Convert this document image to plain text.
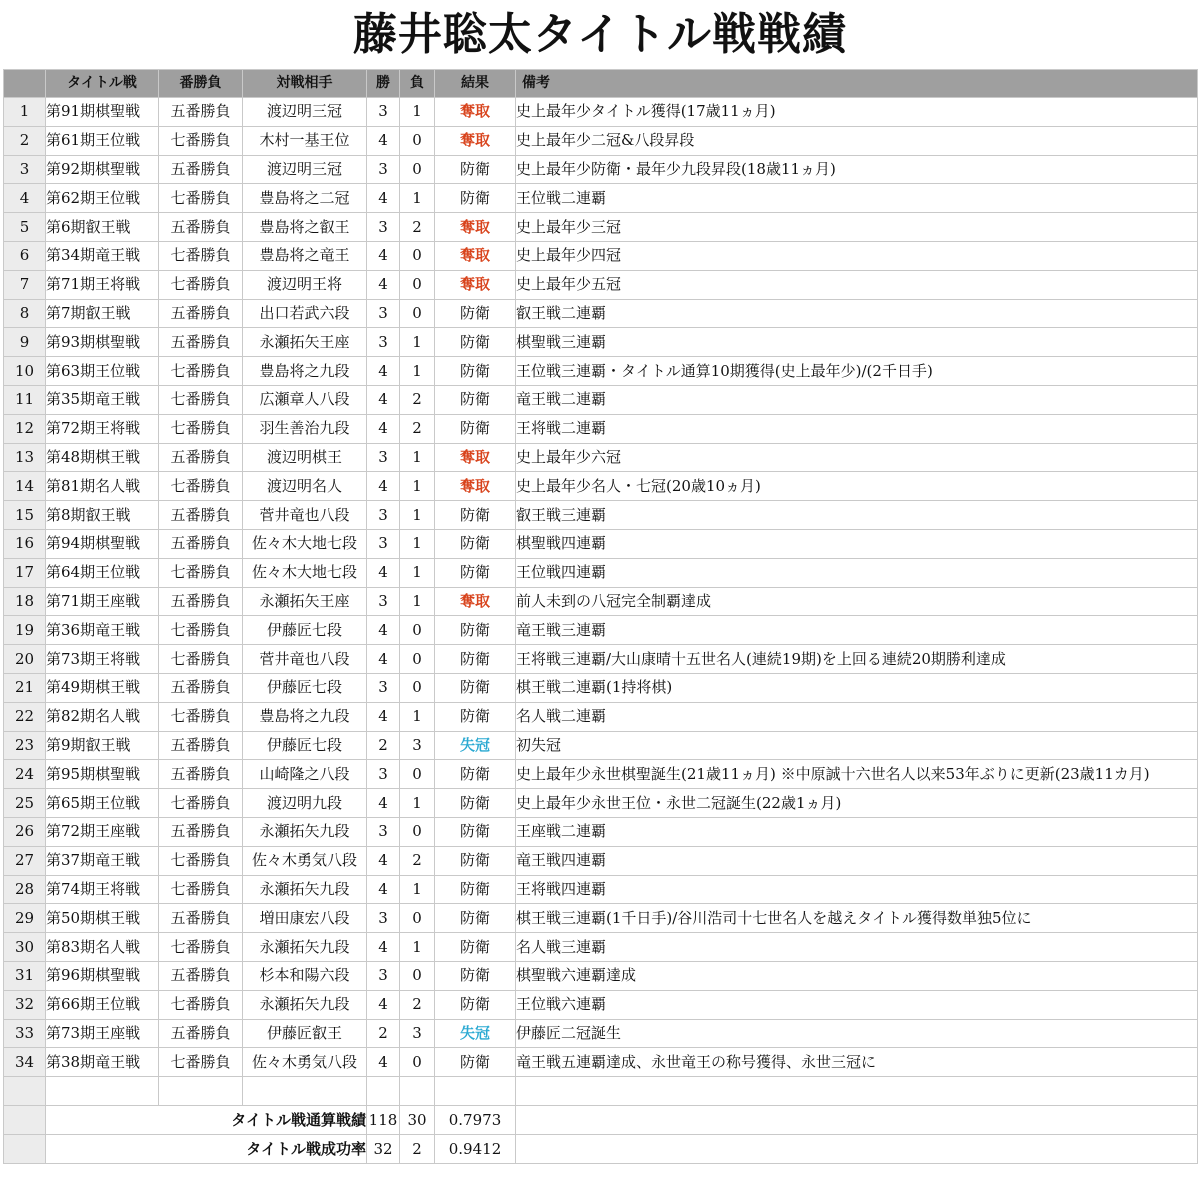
藤井聡太タイトル戦戦績
	タイトル戦	番勝負	対戦相手	勝	負	結果	備考
1	第91期棋聖戦	五番勝負	渡辺明三冠	3	1	奪取	史上最年少タイトル獲得(17歳11ヵ月)
2	第61期王位戦	七番勝負	木村一基王位	4	0	奪取	史上最年少二冠&八段昇段
3	第92期棋聖戦	五番勝負	渡辺明三冠	3	0	防衛	史上最年少防衛・最年少九段昇段(18歳11ヵ月)
4	第62期王位戦	七番勝負	豊島将之二冠	4	1	防衛	王位戦二連覇
5	第6期叡王戦	五番勝負	豊島将之叡王	3	2	奪取	史上最年少三冠
6	第34期竜王戦	七番勝負	豊島将之竜王	4	0	奪取	史上最年少四冠
7	第71期王将戦	七番勝負	渡辺明王将	4	0	奪取	史上最年少五冠
8	第7期叡王戦	五番勝負	出口若武六段	3	0	防衛	叡王戦二連覇
9	第93期棋聖戦	五番勝負	永瀬拓矢王座	3	1	防衛	棋聖戦三連覇
10	第63期王位戦	七番勝負	豊島将之九段	4	1	防衛	王位戦三連覇・タイトル通算10期獲得(史上最年少)/(2千日手)
11	第35期竜王戦	七番勝負	広瀬章人八段	4	2	防衛	竜王戦二連覇
12	第72期王将戦	七番勝負	羽生善治九段	4	2	防衛	王将戦二連覇
13	第48期棋王戦	五番勝負	渡辺明棋王	3	1	奪取	史上最年少六冠
14	第81期名人戦	七番勝負	渡辺明名人	4	1	奪取	史上最年少名人・七冠(20歳10ヵ月)
15	第8期叡王戦	五番勝負	菅井竜也八段	3	1	防衛	叡王戦三連覇
16	第94期棋聖戦	五番勝負	佐々木大地七段	3	1	防衛	棋聖戦四連覇
17	第64期王位戦	七番勝負	佐々木大地七段	4	1	防衛	王位戦四連覇
18	第71期王座戦	五番勝負	永瀬拓矢王座	3	1	奪取	前人未到の八冠完全制覇達成
19	第36期竜王戦	七番勝負	伊藤匠七段	4	0	防衛	竜王戦三連覇
20	第73期王将戦	七番勝負	菅井竜也八段	4	0	防衛	王将戦三連覇/大山康晴十五世名人(連続19期)を上回る連続20期勝利達成
21	第49期棋王戦	五番勝負	伊藤匠七段	3	0	防衛	棋王戦二連覇(1持将棋)
22	第82期名人戦	七番勝負	豊島将之九段	4	1	防衛	名人戦二連覇
23	第9期叡王戦	五番勝負	伊藤匠七段	2	3	失冠	初失冠
24	第95期棋聖戦	五番勝負	山崎隆之八段	3	0	防衛	史上最年少永世棋聖誕生(21歳11ヵ月) ※中原誠十六世名人以来53年ぶりに更新(23歳11カ月)
25	第65期王位戦	七番勝負	渡辺明九段	4	1	防衛	史上最年少永世王位・永世二冠誕生(22歳1ヵ月)
26	第72期王座戦	五番勝負	永瀬拓矢九段	3	0	防衛	王座戦二連覇
27	第37期竜王戦	七番勝負	佐々木勇気八段	4	2	防衛	竜王戦四連覇
28	第74期王将戦	七番勝負	永瀬拓矢九段	4	1	防衛	王将戦四連覇
29	第50期棋王戦	五番勝負	増田康宏八段	3	0	防衛	棋王戦三連覇(1千日手)/谷川浩司十七世名人を越えタイトル獲得数単独5位に
30	第83期名人戦	七番勝負	永瀬拓矢九段	4	1	防衛	名人戦三連覇
31	第96期棋聖戦	五番勝負	杉本和陽六段	3	0	防衛	棋聖戦六連覇達成
32	第66期王位戦	七番勝負	永瀬拓矢九段	4	2	防衛	王位戦六連覇
33	第73期王座戦	五番勝負	伊藤匠叡王	2	3	失冠	伊藤匠二冠誕生
34	第38期竜王戦	七番勝負	佐々木勇気八段	4	0	防衛	竜王戦五連覇達成、永世竜王の称号獲得、永世三冠に

	タイトル戦通算戦績			118	30	0.7973	
	タイトル戦成功率			32	2	0.9412	
